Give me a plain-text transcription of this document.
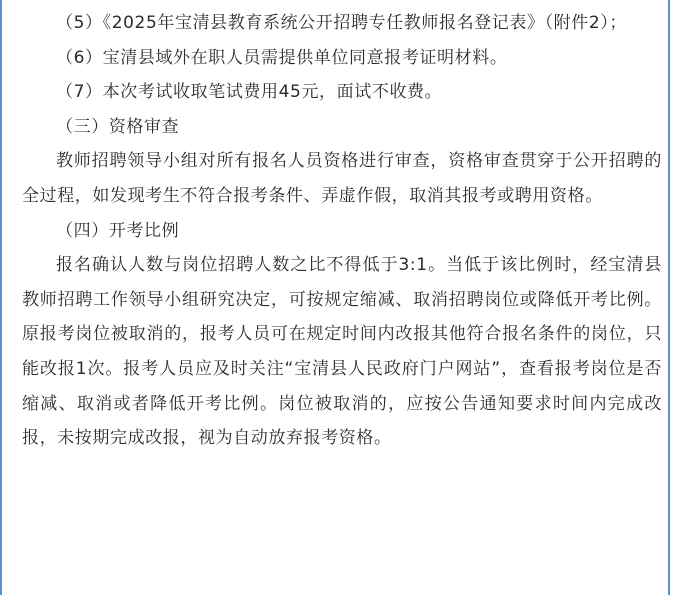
（5）《2025年宝清县教育系统公开招聘专任教师报名登记表》（附件2）；

（6）宝清县域外在职人员需提供单位同意报考证明材料。

（7）本次考试收取笔试费用45元，面试不收费。

（三）资格审查

教师招聘领导小组对所有报名人员资格进行审查，资格审查贯穿于公开招聘的全过程，如发现考生不符合报考条件、弄虚作假，取消其报考或聘用资格。

（四）开考比例

报名确认人数与岗位招聘人数之比不得低于3:1。当低于该比例时，经宝清县教师招聘工作领导小组研究决定，可按规定缩减、取消招聘岗位或降低开考比例。原报考岗位被取消的，报考人员可在规定时间内改报其他符合报名条件的岗位，只能改报1次。报考人员应及时关注“宝清县人民政府门户网站”，查看报考岗位是否缩减、取消或者降低开考比例。岗位被取消的，应按公告通知要求时间内完成改报，未按期完成改报，视为自动放弃报考资格。
